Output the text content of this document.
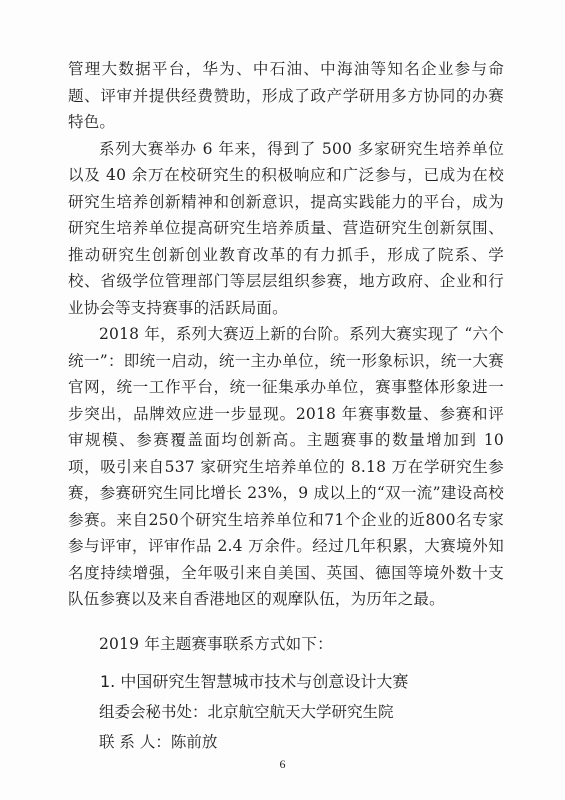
管理大数据平台，华为、中石油、中海油等知名企业参与命题、评审并提供经费赞助，形成了政产学研用多方协同的办赛特色。

系列大赛举办 6 年来，得到了 500 多家研究生培养单位以及 40 余万在校研究生的积极响应和广泛参与，已成为在校研究生培养创新精神和创新意识，提高实践能力的平台，成为研究生培养单位提高研究生培养质量、营造研究生创新氛围、推动研究生创新创业教育改革的有力抓手，形成了院系、学校、省级学位管理部门等层层组织参赛，地方政府、企业和行业协会等支持赛事的活跃局面。

2018 年，系列大赛迈上新的台阶。系列大赛实现了 “六个统一”：即统一启动，统一主办单位，统一形象标识，统一大赛官网，统一工作平台，统一征集承办单位，赛事整体形象进一步突出，品牌效应进一步显现。2018 年赛事数量、参赛和评审规模、参赛覆盖面均创新高。主题赛事的数量增加到 10 项，吸引来自537 家研究生培养单位的 8.18 万在学研究生参赛，参赛研究生同比增长 23%，9 成以上的“双一流”建设高校参赛。来自250个研究生培养单位和71个企业的近800名专家参与评审，评审作品 2.4 万余件。经过几年积累，大赛境外知名度持续增强，全年吸引来自美国、英国、德国等境外数十支队伍参赛以及来自香港地区的观摩队伍，为历年之最。

2019 年主题赛事联系方式如下：

1. 中国研究生智慧城市技术与创意设计大赛

组委会秘书处：北京航空航天大学研究生院

联 系 人：陈前放

6
